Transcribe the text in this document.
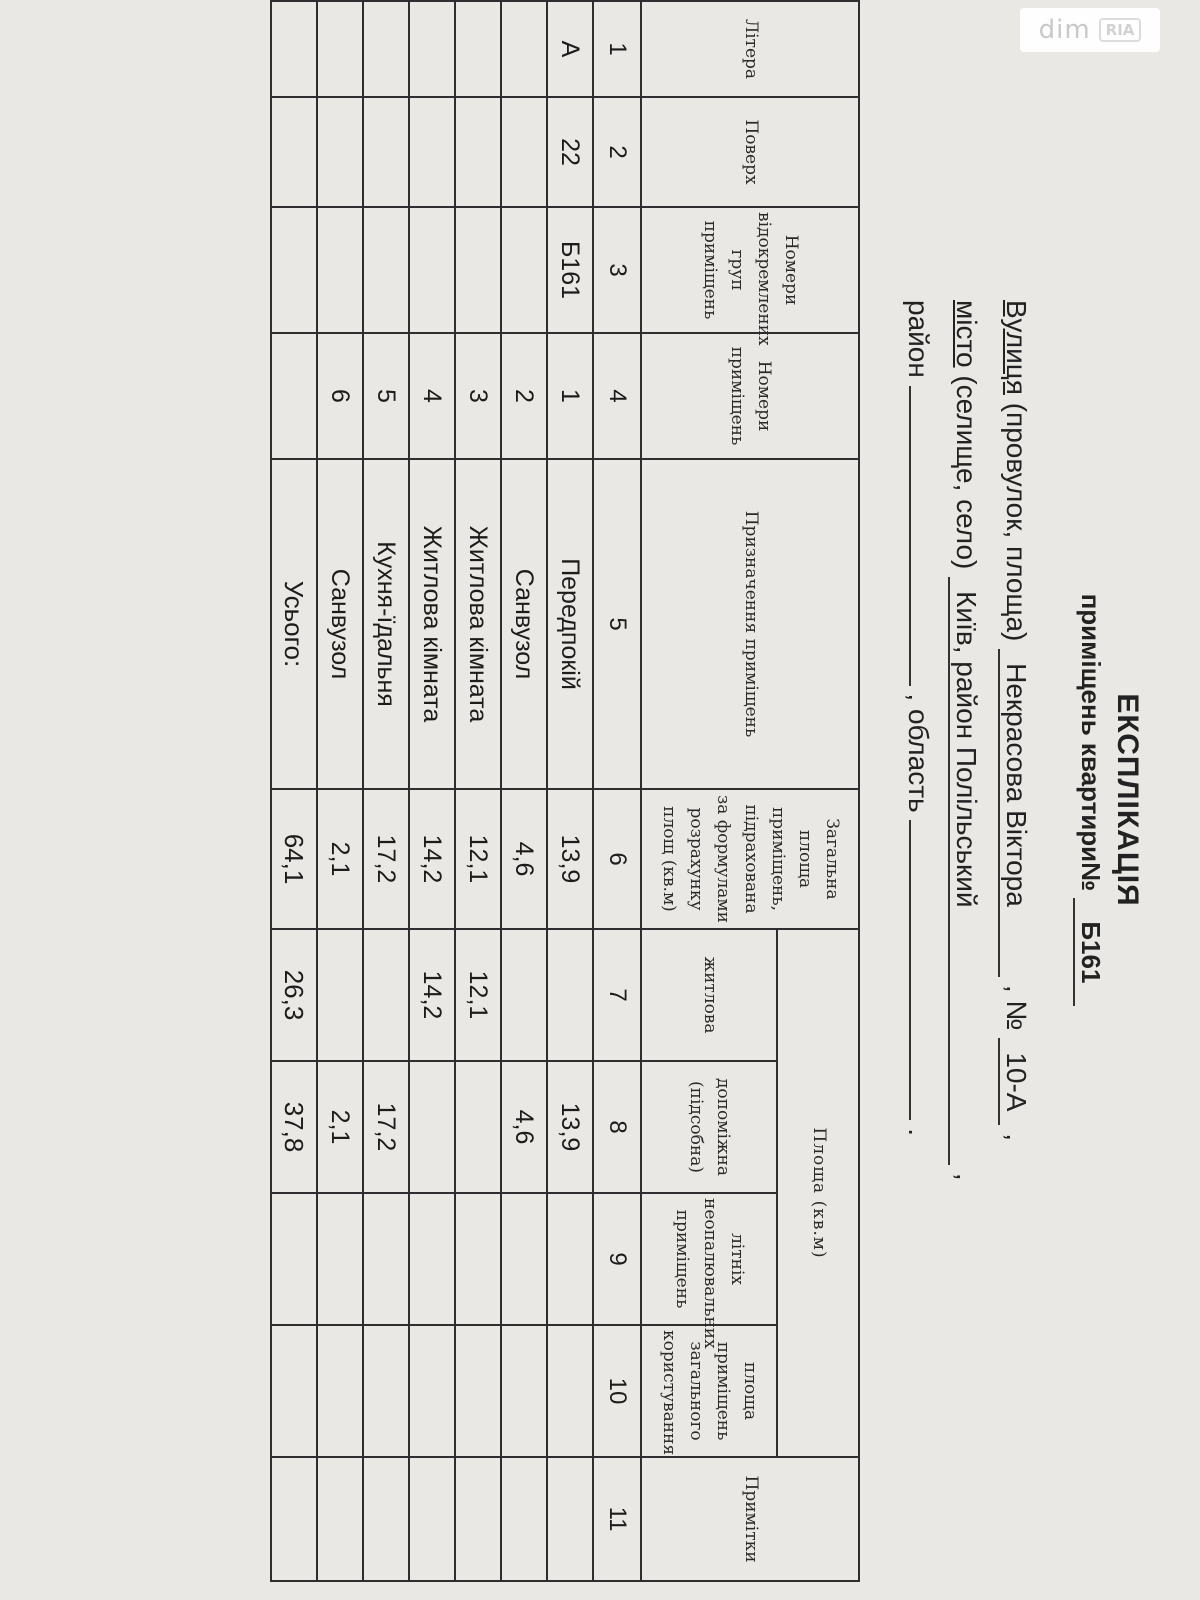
dim	RIA
ЕКСПЛІКАЦІЯ
приміщень квартири№ Б161
Вулиця (провулок, площа) Некрасова Віктора , № 10-А ,
місто (селище, село) Київ, район Полільський ,
район  , область  .
Літера	Поверх	Номери відокремлених груп приміщень	Номери приміщень	Призначення приміщень	Загальна площа приміщень, підрахована за формулами розрахунку площ (кв.м)	Площа (кв.м)				Примітки
						житлова	допоміжна (підсобна)	літніх неопалювальних приміщень	площа приміщень загального користування	
1	2	3	4	5	6	7	8	9	10	11
А	22	Б161	1	Передпокій	13,9		13,9			
			2	Санвузол	4,6		4,6			
			3	Житлова кімната	12,1	12,1				
			4	Житлова кімната	14,2	14,2				
			5	Кухня-їдальня	17,2		17,2			
			6	Санвузол	2,1		2,1			
				Усього:	64,1	26,3	37,8			
